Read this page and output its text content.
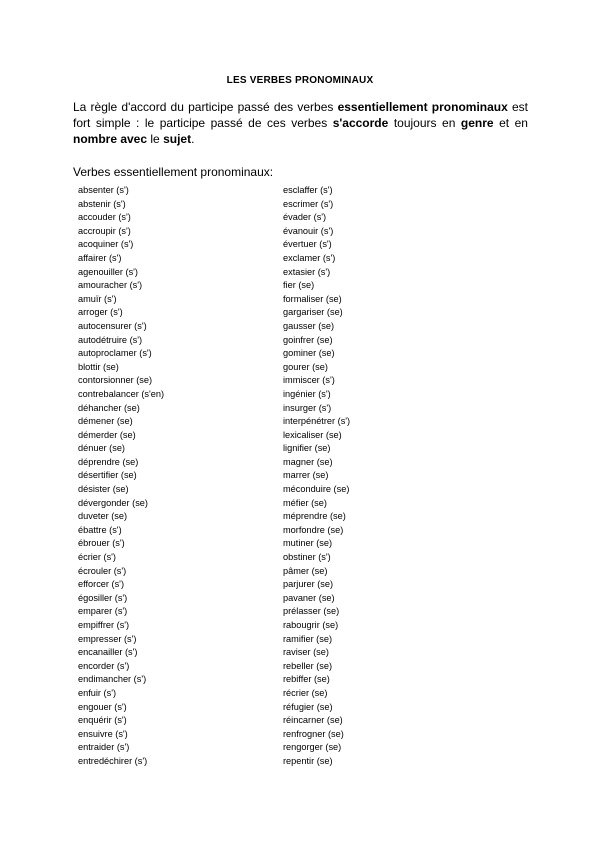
LES VERBES PRONOMINAUX
La règle d'accord du participe passé des verbes essentiellement pronominaux est fort simple : le participe passé de ces verbes s'accorde toujours en genre et en nombre avec le sujet.
Verbes essentiellement pronominaux:
absenter (s')
abstenir (s')
accouder (s')
accroupir (s')
acoquiner (s')
affairer (s')
agenouiller (s')
amouracher (s')
amuïr (s')
arroger (s')
autocensurer (s')
autodétruire (s')
autoproclamer (s')
blottir (se)
contorsionner (se)
contrebalancer (s'en)
déhancher (se)
démener (se)
démerder (se)
dénuer (se)
déprendre (se)
désertifier (se)
désister (se)
dévergonder (se)
duveter (se)
ébattre (s')
ébrouer (s')
écrier (s')
écrouler (s')
efforcer (s')
égosiller (s')
emparer (s')
empiffrer (s')
empresser (s')
encanailler (s')
encorder (s')
endimancher (s')
enfuir (s')
engouer (s')
enquérir (s')
ensuivre (s')
entraider (s')
entredéchirer (s')
esclaffer (s')
escrimer (s')
évader (s')
évanouir (s')
évertuer (s')
exclamer (s')
extasier (s')
fier (se)
formaliser (se)
gargariser (se)
gausser (se)
goinfrer (se)
gominer (se)
gourer (se)
immiscer (s')
ingénier (s')
insurger (s')
interpénétrer (s')
lexicaliser (se)
lignifier (se)
magner (se)
marrer (se)
méconduire (se)
méfier (se)
méprendre (se)
morfondre (se)
mutiner (se)
obstiner (s')
pâmer (se)
parjurer (se)
pavaner (se)
prélasser (se)
rabougrir (se)
ramifier (se)
raviser (se)
rebeller (se)
rebiffer (se)
récrier (se)
réfugier (se)
réincarner (se)
renfrogner (se)
rengorger (se)
repentir (se)
